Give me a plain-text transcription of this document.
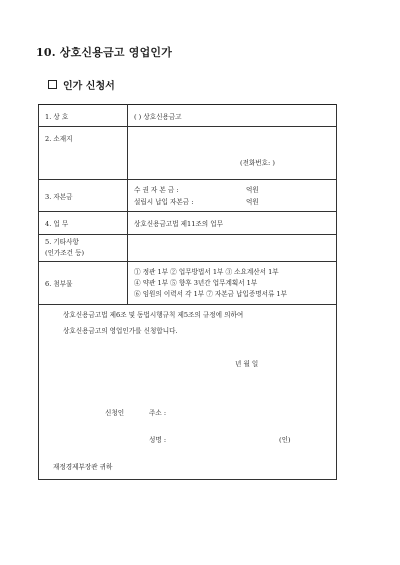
10. 상호신용금고 영업인가
인가 신청서
1. 상 호	( ) 상호신용금고
2. 소재지	(전화번호: )

3. 자본금	수 권 자 본 금 : 억원
설립시 납입 자본금 : 억원

4. 업 무	상호신용금고법 제11조의 업무

5. 기타사항
(인가조건 등)	

6. 첨부물	① 정관 1부 ② 업무방법서 1부 ③ 소요계산서 1부
④ 약관 1부 ⑤ 향후 3년간 업무계획서 1부
⑥ 임원의 이력서 각 1부 ⑦ 자본금 납입증명서류 1부
상호신용금고법 제6조 및 동법시행규칙 제5조의 규정에 의하여
상호신용금고의 영업인가를 신청합니다.
년 월 일
신청인	주소 :
성명 :	(인)
재정경제부장관 귀하
